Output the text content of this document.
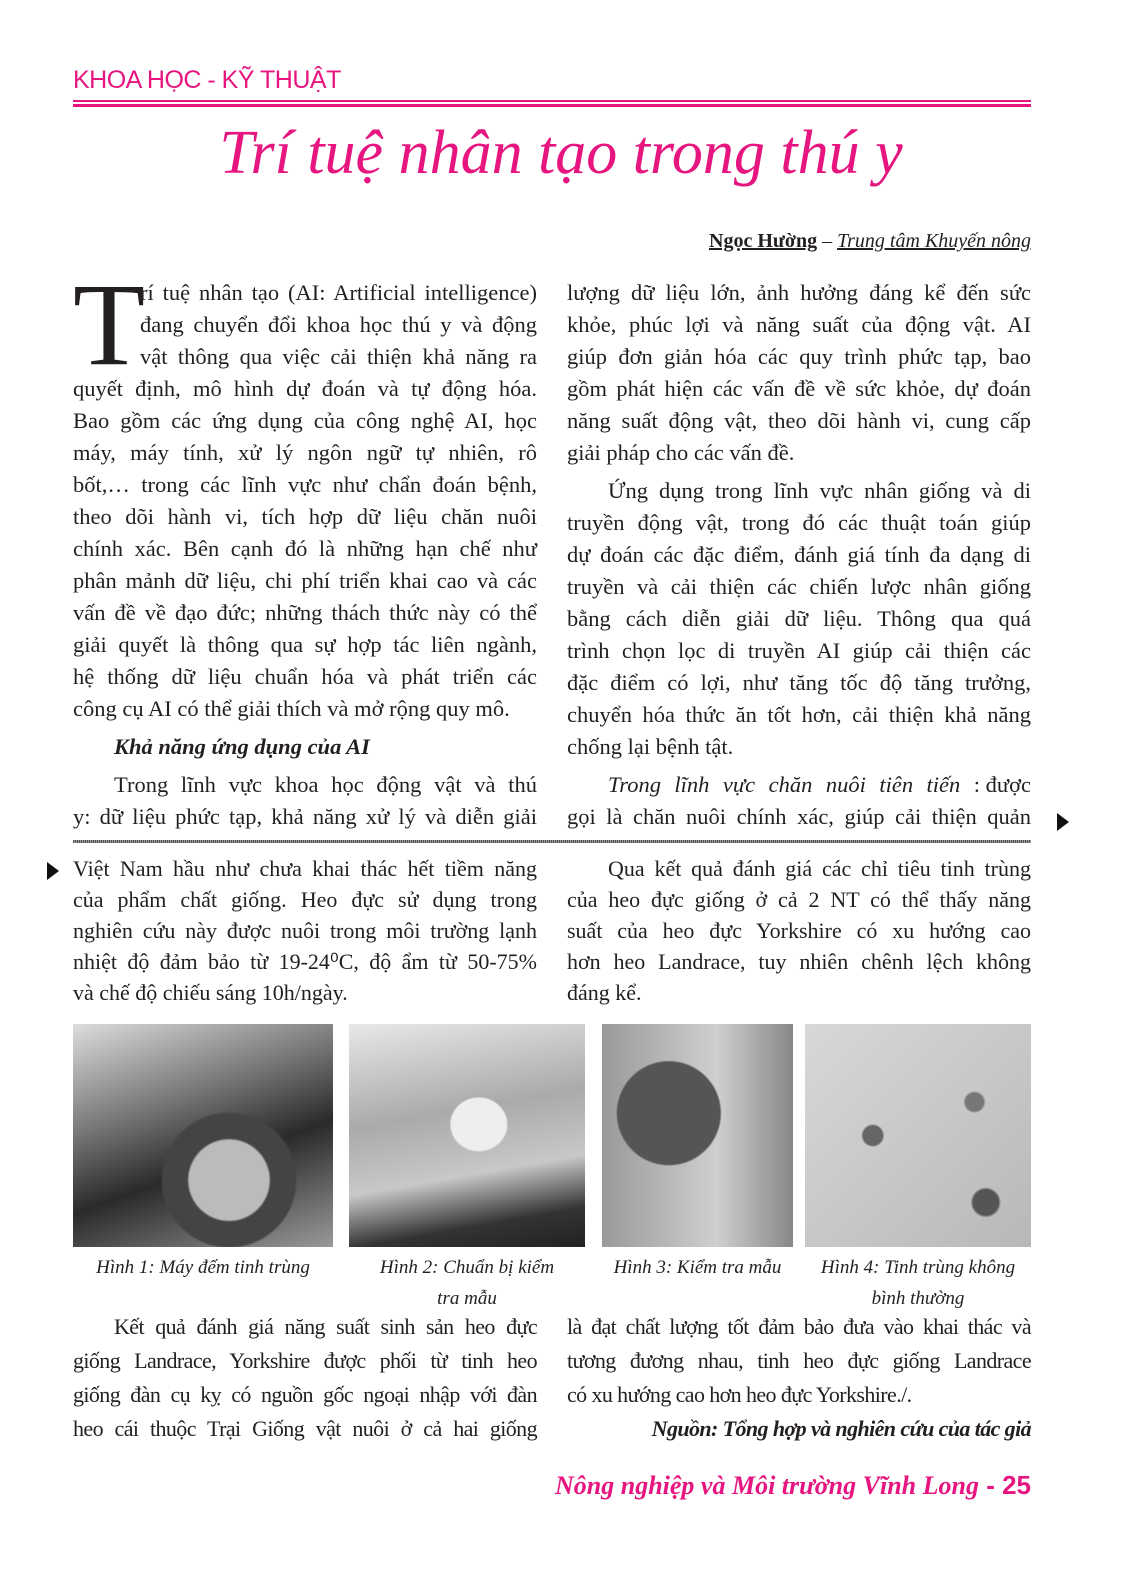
KHOA HỌC - KỸ THUẬT
Trí tuệ nhân tạo trong thú y
Ngọc Hường – Trung tâm Khuyến nông
T
rí tuệ nhân tạo (AI: Artificial intelligence)
đang chuyển đổi khoa học thú y và động
vật thông qua việc cải thiện khả năng ra
quyết định, mô hình dự đoán và tự động hóa.
Bao gồm các ứng dụng của công nghệ AI, học
máy, máy tính, xử lý ngôn ngữ tự nhiên, rô
bốt,… trong các lĩnh vực như chẩn đoán bệnh,
theo dõi hành vi, tích hợp dữ liệu chăn nuôi
chính xác. Bên cạnh đó là những hạn chế như
phân mảnh dữ liệu, chi phí triển khai cao và các
vấn đề về đạo đức; những thách thức này có thể
giải quyết là thông qua sự hợp tác liên ngành,
hệ thống dữ liệu chuẩn hóa và phát triển các
công cụ AI có thể giải thích và mở rộng quy mô.
Khả năng ứng dụng của AI
Trong lĩnh vực khoa học động vật và thú
y: dữ liệu phức tạp, khả năng xử lý và diễn giải
lượng dữ liệu lớn, ảnh hưởng đáng kể đến sức
khỏe, phúc lợi và năng suất của động vật. AI
giúp đơn giản hóa các quy trình phức tạp, bao
gồm phát hiện các vấn đề về sức khỏe, dự đoán
năng suất động vật, theo dõi hành vi, cung cấp
giải pháp cho các vấn đề.
Ứng dụng trong lĩnh vực nhân giống và di
truyền động vật, trong đó các thuật toán giúp
dự đoán các đặc điểm, đánh giá tính đa dạng di
truyền và cải thiện các chiến lược nhân giống
bằng cách diễn giải dữ liệu. Thông qua quá
trình chọn lọc di truyền AI giúp cải thiện các
đặc điểm có lợi, như tăng tốc độ tăng trưởng,
chuyển hóa thức ăn tốt hơn, cải thiện khả năng
chống lại bệnh tật.
Trong lĩnh vực chăn nuôi tiên tiến : được
gọi là chăn nuôi chính xác, giúp cải thiện quản
Việt Nam hầu như chưa khai thác hết tiềm năng
của phẩm chất giống. Heo đực sử dụng trong
nghiên cứu này được nuôi trong môi trường lạnh
nhiệt độ đảm bảo từ 19-24⁰C, độ ẩm từ 50-75%
và chế độ chiếu sáng 10h/ngày.
Qua kết quả đánh giá các chỉ tiêu tinh trùng
của heo đực giống ở cả 2 NT có thể thấy năng
suất của heo đực Yorkshire có xu hướng cao
hơn heo Landrace, tuy nhiên chênh lệch không
đáng kể.
Hình 1: Máy đếm tinh trùng	Hình 2: Chuẩn bị kiểm
tra mẫu
Hình 3: Kiểm tra mẫu	Hình 4: Tinh trùng không
bình thường
Kết quả đánh giá năng suất sinh sản heo đực
giống Landrace, Yorkshire được phối từ tinh heo
giống đàn cụ kỵ có nguồn gốc ngoại nhập với đàn
heo cái thuộc Trại Giống vật nuôi ở cả hai giống
là đạt chất lượng tốt đảm bảo đưa vào khai thác và
tương đương nhau, tinh heo đực giống Landrace
có xu hướng cao hơn heo đực Yorkshire./.
Nguồn: Tổng hợp và nghiên cứu của tác giả
Nông nghiệp và Môi trường Vĩnh Long - 25
